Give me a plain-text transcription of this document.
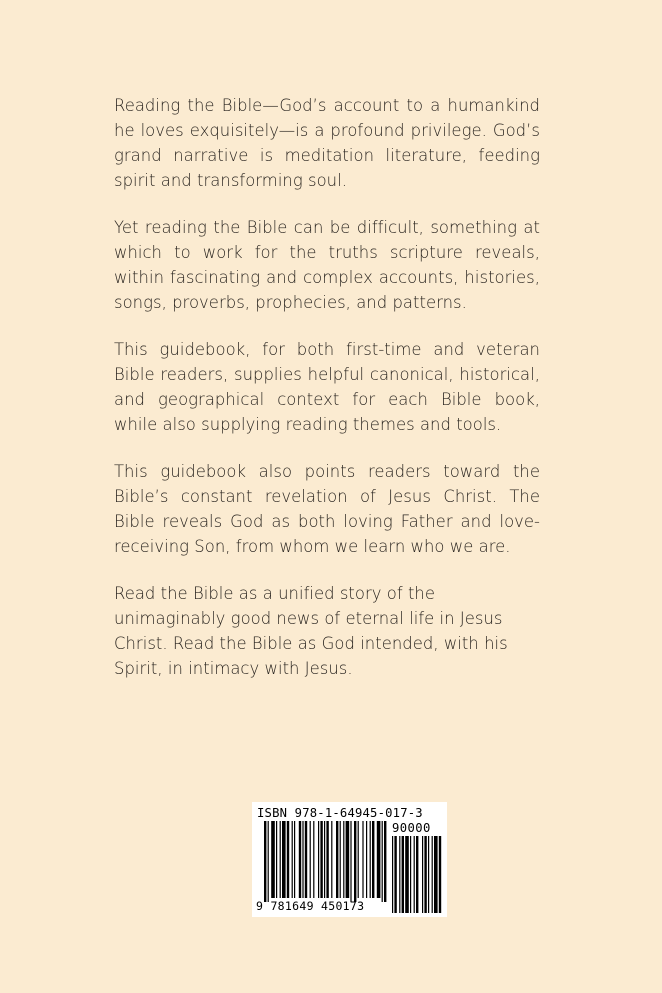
Reading the Bible—God’s account to a humankind he loves exquisitely—is a profound privilege. God’s grand narrative is meditation literature, feeding spirit and transforming soul.

Yet reading the Bible can be difficult, something at which to work for the truths scripture reveals, within fascinating and complex accounts, histories, songs, proverbs, prophecies, and patterns.

This guidebook, for both first-time and veteran Bible readers, supplies helpful canonical, historical, and geographical context for each Bible book, while also supplying reading themes and tools.

This guidebook also points readers toward the Bible’s constant revelation of Jesus Christ. The Bible reveals God as both loving Father and love-receiving Son, from whom we learn who we are.

Read the Bible as a unified story of the unimaginably good news of eternal life in Jesus Christ. Read the Bible as God intended, with his Spirit, in intimacy with Jesus.

ISBN 978-1-64945-017-3
90000
9 781649 450173
